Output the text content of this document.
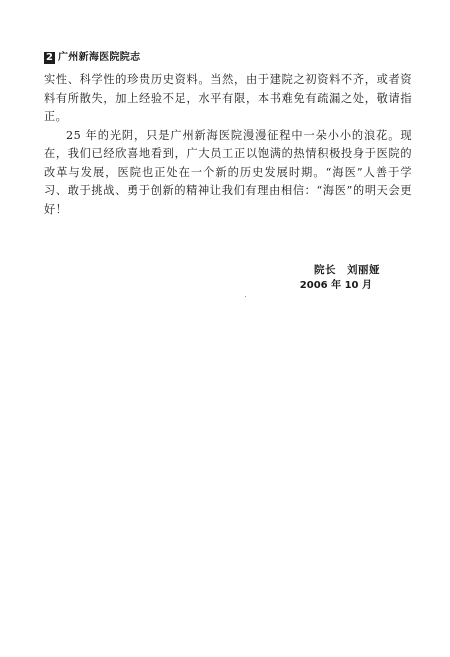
2 广州新海医院院志

实性、科学性的珍贵历史资料。当然，由于建院之初资料不齐，或者资料有所散失，加上经验不足，水平有限，本书难免有疏漏之处，敬请指正。

25 年的光阴，只是广州新海医院漫漫征程中一朵小小的浪花。现在，我们已经欣喜地看到，广大员工正以饱满的热情积极投身于医院的改革与发展，医院也正处在一个新的历史发展时期。“海医”人善于学习、敢于挑战、勇于创新的精神让我们有理由相信：“海医”的明天会更好！

院长　刘丽娅
2006 年 10 月
